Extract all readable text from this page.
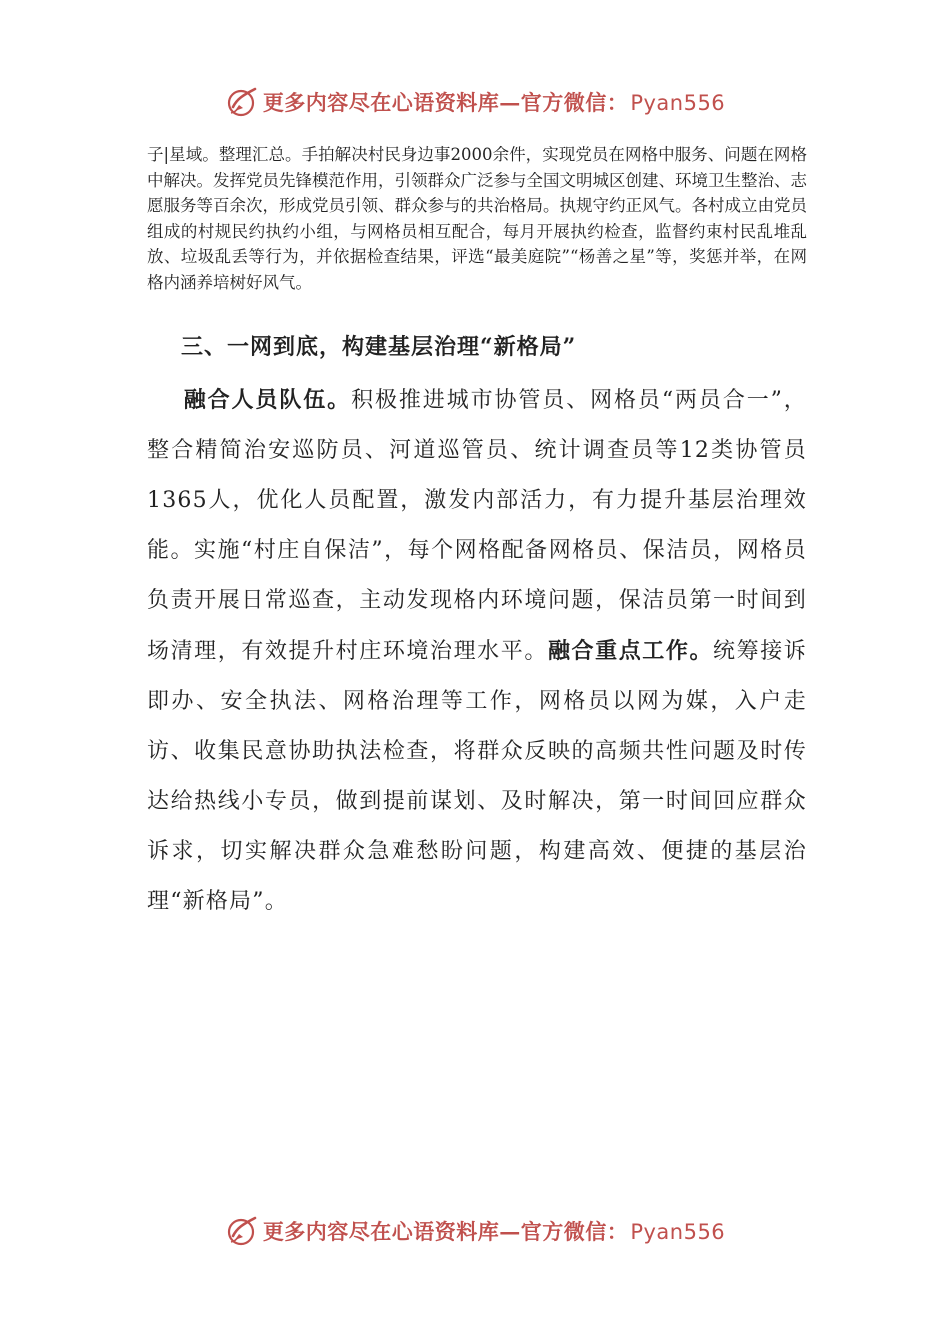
更多内容尽在心语资料库—官方微信：Pyan556
子|星域。整理汇总。手拍解决村民身边事2000余件，实现党员在网格中服务、问题在网格中解决。发挥党员先锋模范作用，引领群众广泛参与全国文明城区创建、环境卫生整治、志愿服务等百余次，形成党员引领、群众参与的共治格局。执规守约正风气。各村成立由党员组成的村规民约执约小组，与网格员相互配合，每月开展执约检查，监督约束村民乱堆乱放、垃圾乱丢等行为，并依据检查结果，评选“最美庭院”“杨善之星”等，奖惩并举，在网格内涵养培树好风气。
三、一网到底，构建基层治理“新格局”
融合人员队伍。积极推进城市协管员、网格员“两员合一”，整合精简治安巡防员、河道巡管员、统计调查员等12类协管员1365人，优化人员配置，激发内部活力，有力提升基层治理效能。实施“村庄自保洁”，每个网格配备网格员、保洁员，网格员负责开展日常巡查，主动发现格内环境问题，保洁员第一时间到场清理，有效提升村庄环境治理水平。融合重点工作。统筹接诉即办、安全执法、网格治理等工作，网格员以网为媒，入户走访、收集民意协助执法检查，将群众反映的高频共性问题及时传达给热线小专员，做到提前谋划、及时解决，第一时间回应群众诉求，切实解决群众急难愁盼问题，构建高效、便捷的基层治理“新格局”。
更多内容尽在心语资料库—官方微信：Pyan556
